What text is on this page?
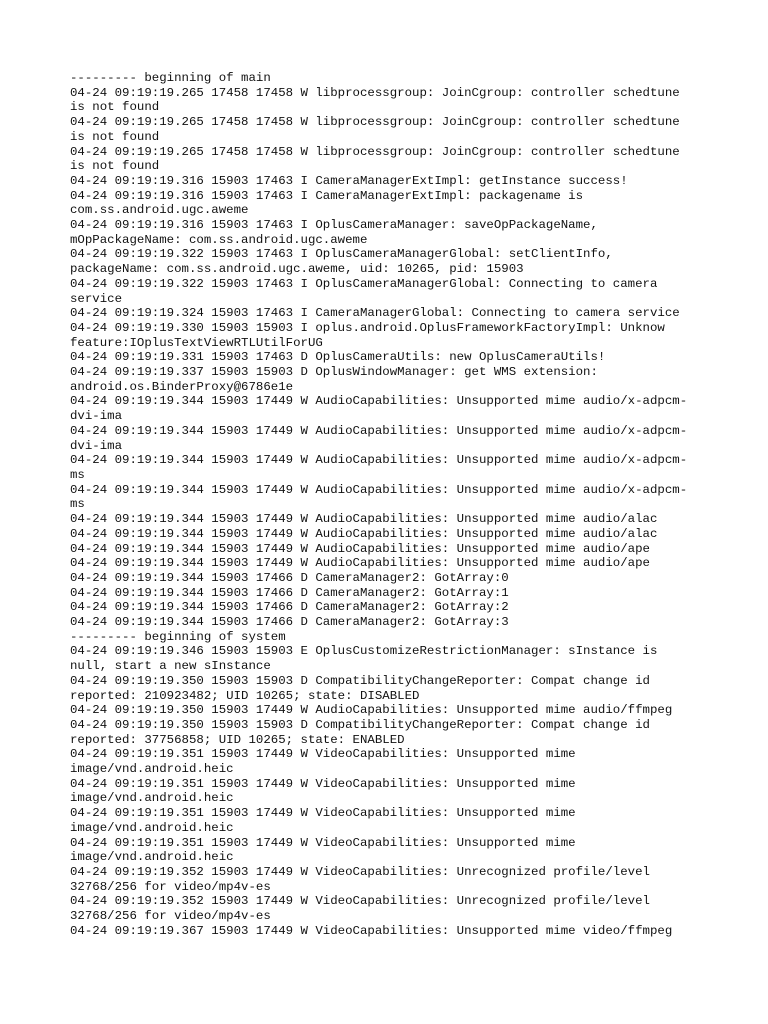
--------- beginning of main
04-24 09:19:19.265 17458 17458 W libprocessgroup: JoinCgroup: controller schedtune
is not found
04-24 09:19:19.265 17458 17458 W libprocessgroup: JoinCgroup: controller schedtune
is not found
04-24 09:19:19.265 17458 17458 W libprocessgroup: JoinCgroup: controller schedtune
is not found
04-24 09:19:19.316 15903 17463 I CameraManagerExtImpl: getInstance success!
04-24 09:19:19.316 15903 17463 I CameraManagerExtImpl: packagename is
com.ss.android.ugc.aweme
04-24 09:19:19.316 15903 17463 I OplusCameraManager: saveOpPackageName,
mOpPackageName: com.ss.android.ugc.aweme
04-24 09:19:19.322 15903 17463 I OplusCameraManagerGlobal: setClientInfo,
packageName: com.ss.android.ugc.aweme, uid: 10265, pid: 15903
04-24 09:19:19.322 15903 17463 I OplusCameraManagerGlobal: Connecting to camera
service
04-24 09:19:19.324 15903 17463 I CameraManagerGlobal: Connecting to camera service
04-24 09:19:19.330 15903 15903 I oplus.android.OplusFrameworkFactoryImpl: Unknow
feature:IOplusTextViewRTLUtilForUG
04-24 09:19:19.331 15903 17463 D OplusCameraUtils: new OplusCameraUtils!
04-24 09:19:19.337 15903 15903 D OplusWindowManager: get WMS extension:
android.os.BinderProxy@6786e1e
04-24 09:19:19.344 15903 17449 W AudioCapabilities: Unsupported mime audio/x-adpcm-
dvi-ima
04-24 09:19:19.344 15903 17449 W AudioCapabilities: Unsupported mime audio/x-adpcm-
dvi-ima
04-24 09:19:19.344 15903 17449 W AudioCapabilities: Unsupported mime audio/x-adpcm-
ms
04-24 09:19:19.344 15903 17449 W AudioCapabilities: Unsupported mime audio/x-adpcm-
ms
04-24 09:19:19.344 15903 17449 W AudioCapabilities: Unsupported mime audio/alac
04-24 09:19:19.344 15903 17449 W AudioCapabilities: Unsupported mime audio/alac
04-24 09:19:19.344 15903 17449 W AudioCapabilities: Unsupported mime audio/ape
04-24 09:19:19.344 15903 17449 W AudioCapabilities: Unsupported mime audio/ape
04-24 09:19:19.344 15903 17466 D CameraManager2: GotArray:0
04-24 09:19:19.344 15903 17466 D CameraManager2: GotArray:1
04-24 09:19:19.344 15903 17466 D CameraManager2: GotArray:2
04-24 09:19:19.344 15903 17466 D CameraManager2: GotArray:3
--------- beginning of system
04-24 09:19:19.346 15903 15903 E OplusCustomizeRestrictionManager: sInstance is
null, start a new sInstance
04-24 09:19:19.350 15903 15903 D CompatibilityChangeReporter: Compat change id
reported: 210923482; UID 10265; state: DISABLED
04-24 09:19:19.350 15903 17449 W AudioCapabilities: Unsupported mime audio/ffmpeg
04-24 09:19:19.350 15903 15903 D CompatibilityChangeReporter: Compat change id
reported: 37756858; UID 10265; state: ENABLED
04-24 09:19:19.351 15903 17449 W VideoCapabilities: Unsupported mime
image/vnd.android.heic
04-24 09:19:19.351 15903 17449 W VideoCapabilities: Unsupported mime
image/vnd.android.heic
04-24 09:19:19.351 15903 17449 W VideoCapabilities: Unsupported mime
image/vnd.android.heic
04-24 09:19:19.351 15903 17449 W VideoCapabilities: Unsupported mime
image/vnd.android.heic
04-24 09:19:19.352 15903 17449 W VideoCapabilities: Unrecognized profile/level
32768/256 for video/mp4v-es
04-24 09:19:19.352 15903 17449 W VideoCapabilities: Unrecognized profile/level
32768/256 for video/mp4v-es
04-24 09:19:19.367 15903 17449 W VideoCapabilities: Unsupported mime video/ffmpeg
